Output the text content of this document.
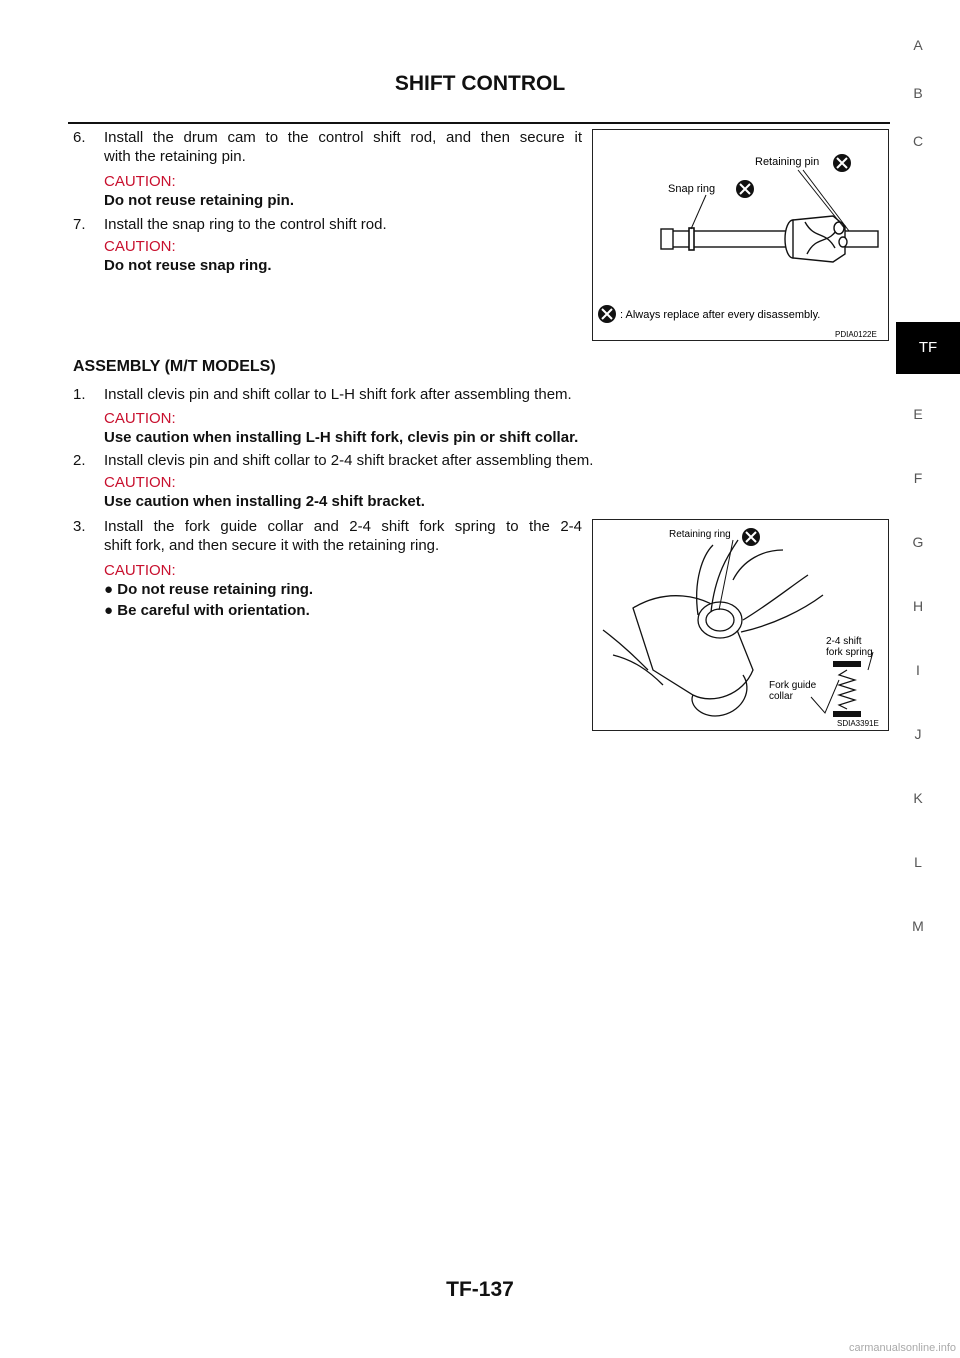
SHIFT CONTROL
A
B
C
TF
E
F
G
H
I
J
K
L
M
6. Install the drum cam to the control shift rod, and then secure it
with the retaining pin.
CAUTION:
Do not reuse retaining pin.
7. Install the snap ring to the control shift rod.
CAUTION:
Do not reuse snap ring.
Retaining pin
Snap ring
: Always replace after every disassembly.
PDIA0122E
ASSEMBLY (M/T MODELS)
1. Install clevis pin and shift collar to L-H shift fork after assembling them.
CAUTION:
Use caution when installing L-H shift fork, clevis pin or shift collar.
2. Install clevis pin and shift collar to 2-4 shift bracket after assembling them.
CAUTION:
Use caution when installing 2-4 shift bracket.
3. Install the fork guide collar and 2-4 shift fork spring to the 2-4
shift fork, and then secure it with the retaining ring.
CAUTION:
● Do not reuse retaining ring.
● Be careful with orientation.
Retaining ring
2-4 shift
fork spring
Fork guide
collar
SDIA3391E
TF-137
carmanualsonline.info
